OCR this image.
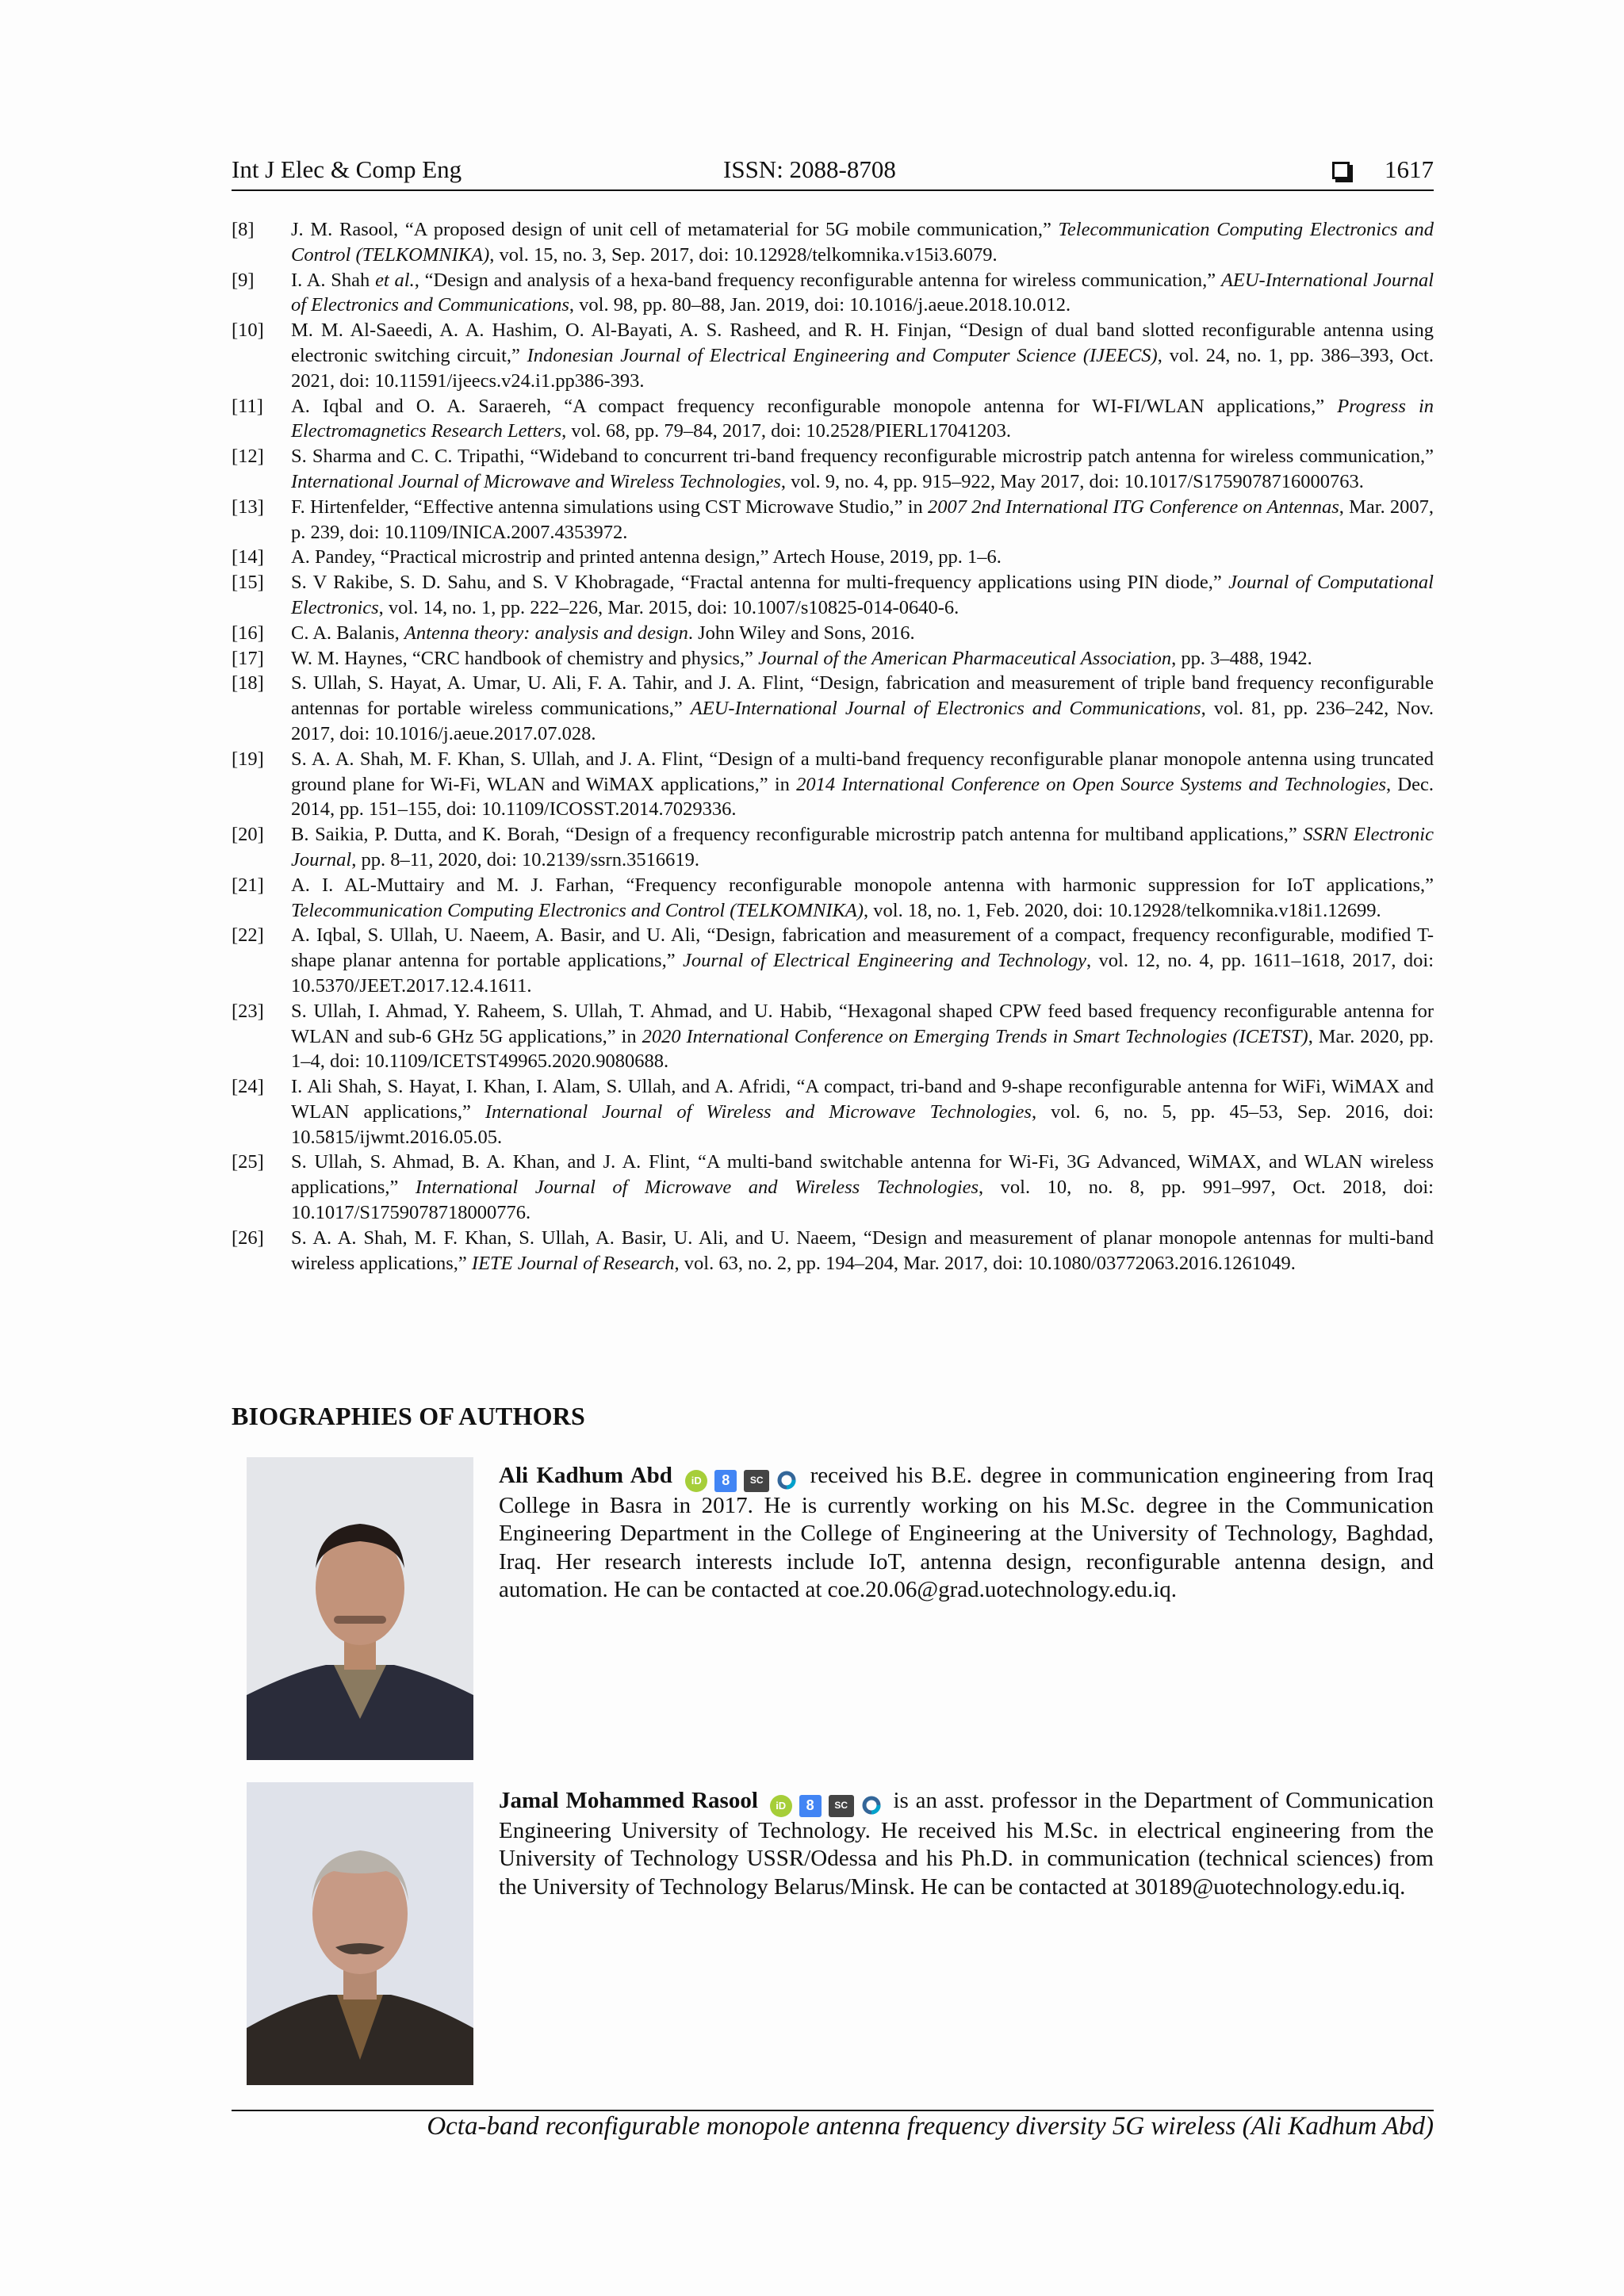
Int J Elec & Comp Eng	ISSN: 2088-8708	1617
[8]	J. M. Rasool, “A proposed design of unit cell of metamaterial for 5G mobile communication,” Telecommunication Computing Electronics and Control (TELKOMNIKA), vol. 15, no. 3, Sep. 2017, doi: 10.12928/telkomnika.v15i3.6079.
[9]	I. A. Shah et al., “Design and analysis of a hexa-band frequency reconfigurable antenna for wireless communication,” AEU-International Journal of Electronics and Communications, vol. 98, pp. 80–88, Jan. 2019, doi: 10.1016/j.aeue.2018.10.012.
[10]	M. M. Al-Saeedi, A. A. Hashim, O. Al-Bayati, A. S. Rasheed, and R. H. Finjan, “Design of dual band slotted reconfigurable antenna using electronic switching circuit,” Indonesian Journal of Electrical Engineering and Computer Science (IJEECS), vol. 24, no. 1, pp. 386–393, Oct. 2021, doi: 10.11591/ijeecs.v24.i1.pp386-393.
[11]	A. Iqbal and O. A. Saraereh, “A compact frequency reconfigurable monopole antenna for WI-FI/WLAN applications,” Progress in Electromagnetics Research Letters, vol. 68, pp. 79–84, 2017, doi: 10.2528/PIERL17041203.
[12]	S. Sharma and C. C. Tripathi, “Wideband to concurrent tri-band frequency reconfigurable microstrip patch antenna for wireless communication,” International Journal of Microwave and Wireless Technologies, vol. 9, no. 4, pp. 915–922, May 2017, doi: 10.1017/S1759078716000763.
[13]	F. Hirtenfelder, “Effective antenna simulations using CST Microwave Studio,” in 2007 2nd International ITG Conference on Antennas, Mar. 2007, p. 239, doi: 10.1109/INICA.2007.4353972.
[14]	A. Pandey, “Practical microstrip and printed antenna design,” Artech House, 2019, pp. 1–6.
[15]	S. V Rakibe, S. D. Sahu, and S. V Khobragade, “Fractal antenna for multi-frequency applications using PIN diode,” Journal of Computational Electronics, vol. 14, no. 1, pp. 222–226, Mar. 2015, doi: 10.1007/s10825-014-0640-6.
[16]	C. A. Balanis, Antenna theory: analysis and design. John Wiley and Sons, 2016.
[17]	W. M. Haynes, “CRC handbook of chemistry and physics,” Journal of the American Pharmaceutical Association, pp. 3–488, 1942.
[18]	S. Ullah, S. Hayat, A. Umar, U. Ali, F. A. Tahir, and J. A. Flint, “Design, fabrication and measurement of triple band frequency reconfigurable antennas for portable wireless communications,” AEU-International Journal of Electronics and Communications, vol. 81, pp. 236–242, Nov. 2017, doi: 10.1016/j.aeue.2017.07.028.
[19]	S. A. A. Shah, M. F. Khan, S. Ullah, and J. A. Flint, “Design of a multi-band frequency reconfigurable planar monopole antenna using truncated ground plane for Wi-Fi, WLAN and WiMAX applications,” in 2014 International Conference on Open Source Systems and Technologies, Dec. 2014, pp. 151–155, doi: 10.1109/ICOSST.2014.7029336.
[20]	B. Saikia, P. Dutta, and K. Borah, “Design of a frequency reconfigurable microstrip patch antenna for multiband applications,” SSRN Electronic Journal, pp. 8–11, 2020, doi: 10.2139/ssrn.3516619.
[21]	A. I. AL-Muttairy and M. J. Farhan, “Frequency reconfigurable monopole antenna with harmonic suppression for IoT applications,” Telecommunication Computing Electronics and Control (TELKOMNIKA), vol. 18, no. 1, Feb. 2020, doi: 10.12928/telkomnika.v18i1.12699.
[22]	A. Iqbal, S. Ullah, U. Naeem, A. Basir, and U. Ali, “Design, fabrication and measurement of a compact, frequency reconfigurable, modified T-shape planar antenna for portable applications,” Journal of Electrical Engineering and Technology, vol. 12, no. 4, pp. 1611–1618, 2017, doi: 10.5370/JEET.2017.12.4.1611.
[23]	S. Ullah, I. Ahmad, Y. Raheem, S. Ullah, T. Ahmad, and U. Habib, “Hexagonal shaped CPW feed based frequency reconfigurable antenna for WLAN and sub-6 GHz 5G applications,” in 2020 International Conference on Emerging Trends in Smart Technologies (ICETST), Mar. 2020, pp. 1–4, doi: 10.1109/ICETST49965.2020.9080688.
[24]	I. Ali Shah, S. Hayat, I. Khan, I. Alam, S. Ullah, and A. Afridi, “A compact, tri-band and 9-shape reconfigurable antenna for WiFi, WiMAX and WLAN applications,” International Journal of Wireless and Microwave Technologies, vol. 6, no. 5, pp. 45–53, Sep. 2016, doi: 10.5815/ijwmt.2016.05.05.
[25]	S. Ullah, S. Ahmad, B. A. Khan, and J. A. Flint, “A multi-band switchable antenna for Wi-Fi, 3G Advanced, WiMAX, and WLAN wireless applications,” International Journal of Microwave and Wireless Technologies, vol. 10, no. 8, pp. 991–997, Oct. 2018, doi: 10.1017/S1759078718000776.
[26]	S. A. A. Shah, M. F. Khan, S. Ullah, A. Basir, U. Ali, and U. Naeem, “Design and measurement of planar monopole antennas for multi-band wireless applications,” IETE Journal of Research, vol. 63, no. 2, pp. 194–204, Mar. 2017, doi: 10.1080/03772063.2016.1261049.
BIOGRAPHIES OF AUTHORS
Ali Kadhum Abd	iD	8	SC received his B.E. degree in communication engineering from Iraq College in Basra in 2017. He is currently working on his M.Sc. degree in the Communication Engineering Department in the College of Engineering at the University of Technology, Baghdad, Iraq. Her research interests include IoT, antenna design, reconfigurable antenna design, and automation. He can be contacted at coe.20.06@grad.uotechnology.edu.iq.
Jamal Mohammed Rasool	iD	8	SC is an asst. professor in the Department of Communication Engineering University of Technology. He received his M.Sc. in electrical engineering from the University of Technology USSR/Odessa and his Ph.D. in communication (technical sciences) from the University of Technology Belarus/Minsk. He can be contacted at 30189@uotechnology.edu.iq.
Octa-band reconfigurable monopole antenna frequency diversity 5G wireless (Ali Kadhum Abd)
